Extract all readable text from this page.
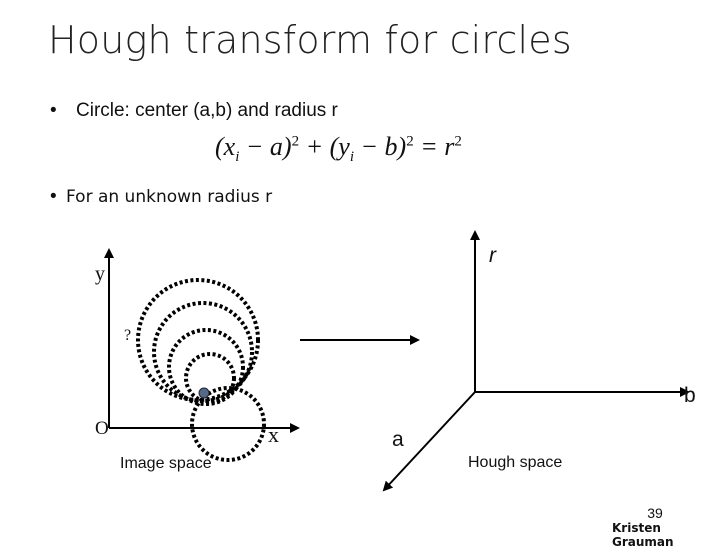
Hough transform for circles
• Circle: center (a,b) and radius r
$(x_i - a)^2 + (y_i - b)^2 = r^2$
• For an unknown radius r
y
?
O	x
Image space
r
b
a
Hough space
39
Kristen Grauman
